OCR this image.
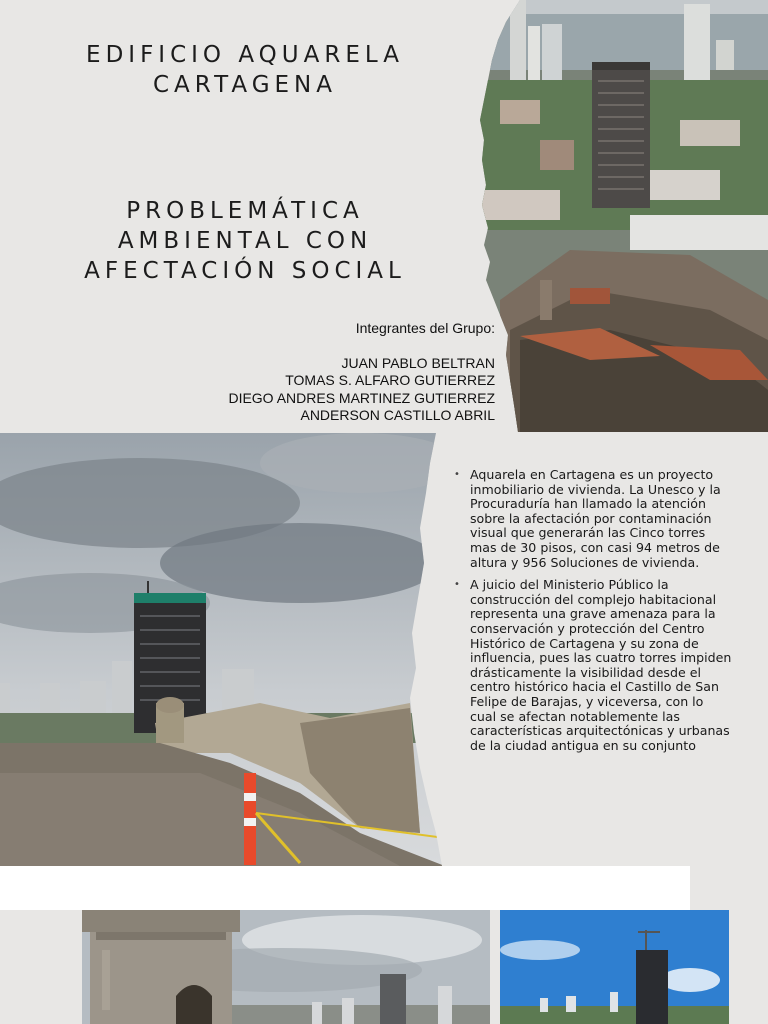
EDIFICIO AQUARELA
CARTAGENA
PROBLEMÁTICA
AMBIENTAL CON
AFECTACIÓN SOCIAL
Integrantes del Grupo:
JUAN PABLO BELTRAN
TOMAS S. ALFARO GUTIERREZ
DIEGO ANDRES MARTINEZ GUTIERREZ
ANDERSON CASTILLO ABRIL
• Aquarela en Cartagena es un proyecto inmobiliario de vivienda. La Unesco y la Procuraduría han llamado la atención sobre la afectación por contaminación visual que generarán las Cinco torres mas de 30 pisos, con casi 94 metros de altura y 956 Soluciones de vivienda.
• A juicio del Ministerio Público la construcción del complejo habitacional representa una grave amenaza para la conservación y protección del Centro Histórico de Cartagena y su zona de influencia, pues las cuatro torres impiden drásticamente la visibilidad desde el centro histórico hacia el Castillo de San Felipe de Barajas, y viceversa, con lo cual se afectan notablemente las características arquitectónicas y urbanas de la ciudad antigua en su conjunto
